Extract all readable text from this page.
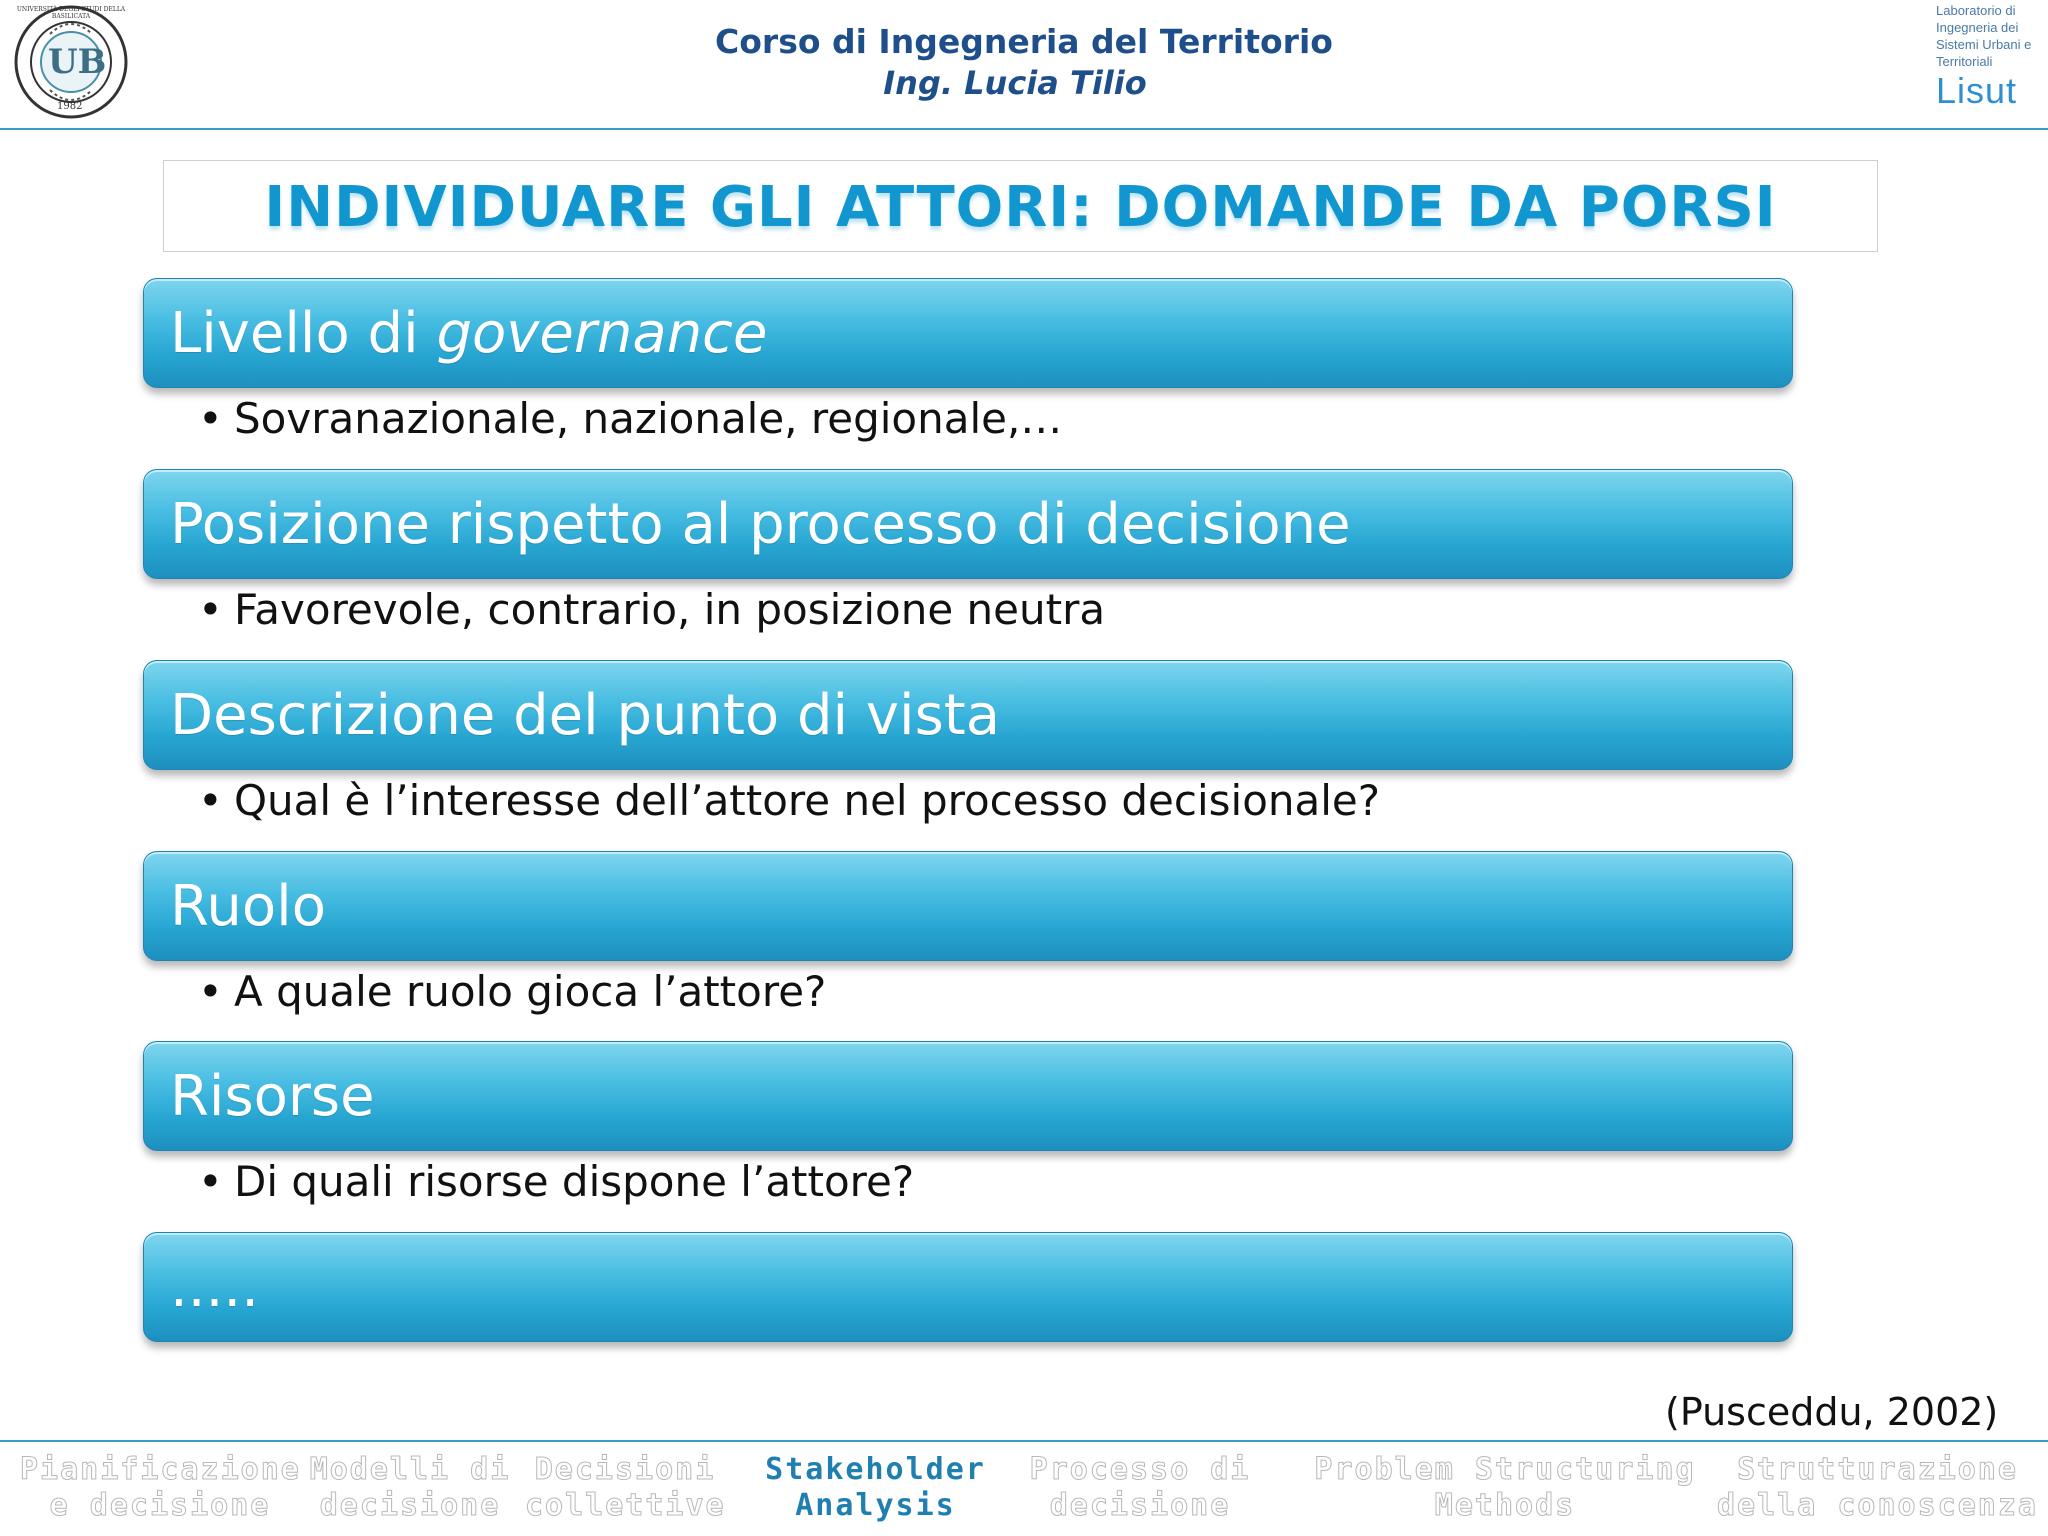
UB
1982
UNIVERSITÀ DEGLI STUDI DELLA BASILICATA
Corso di Ingegneria del Territorio
Ing. Lucia Tilio
Laboratorio di Ingegneria dei Sistemi Urbani e Territoriali
Lisut
INDIVIDUARE GLI ATTORI: DOMANDE DA PORSI
Livello di governance
• Sovranazionale, nazionale, regionale,…
Posizione rispetto al processo di decisione
• Favorevole, contrario, in posizione neutra
Descrizione del punto di vista
• Qual è l’interesse dell’attore nel processo decisionale?
Ruolo
• A quale ruolo gioca l’attore?
Risorse
• Di quali risorse dispone l’attore?
.....
(Pusceddu, 2002)
Pianificazione
e decisione
Modelli di
decisione
Decisioni
collettive
Stakeholder
Analysis
Processo di
decisione
Problem Structuring
Methods
Strutturazione
della conoscenza
